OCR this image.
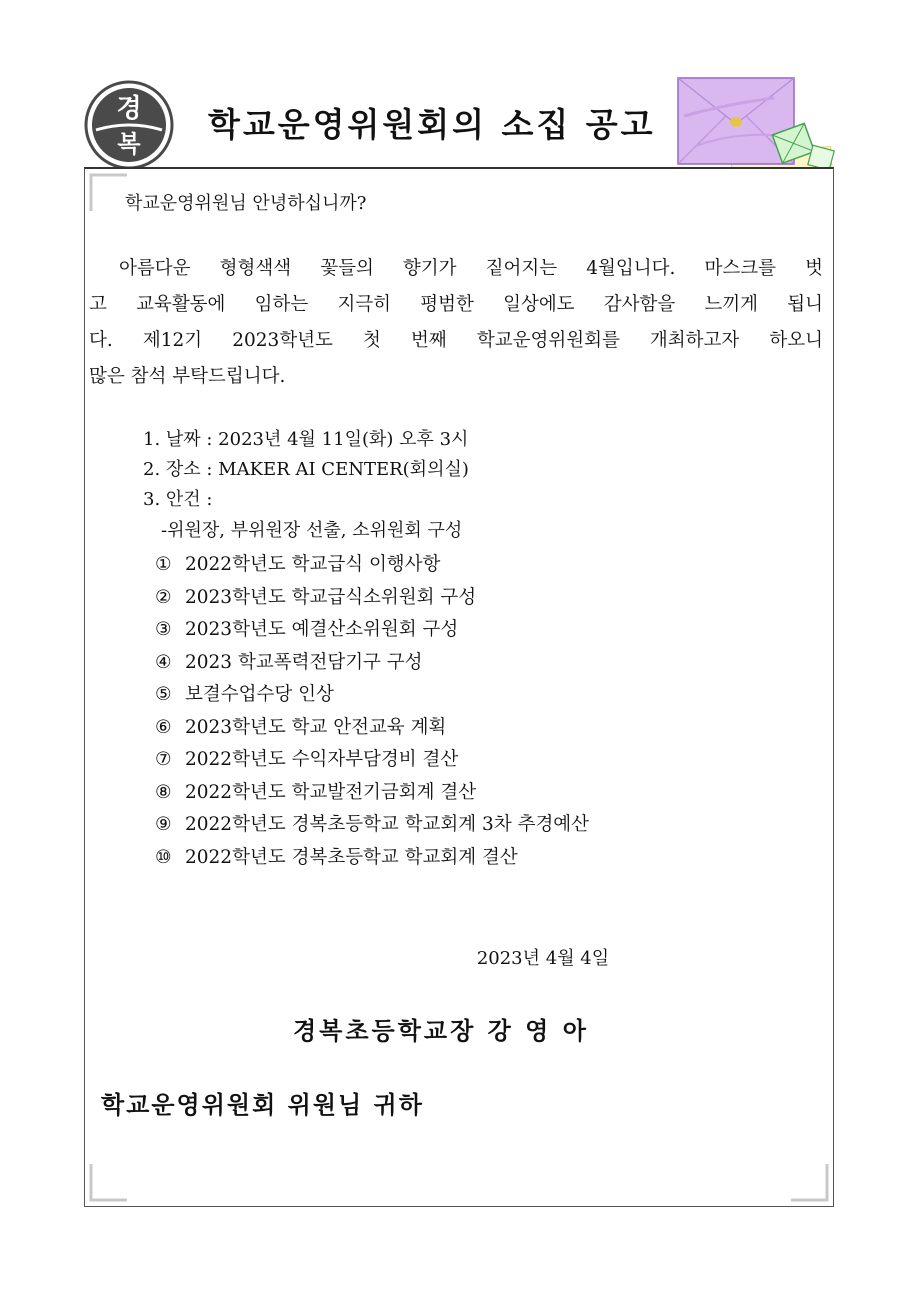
경
복 학교운영위원회의 소집 공고
학교운영위원님 안녕하십니까?
아름다운 형형색색 꽃들의 향기가 짙어지는 4월입니다. 마스크를 벗
고 교육활동에 임하는 지극히 평범한 일상에도 감사함을 느끼게 됩니
다. 제12기 2023학년도 첫 번째 학교운영위원회를 개최하고자 하오니
많은 참석 부탁드립니다.
1. 날짜 : 2023년 4월 11일(화) 오후 3시
2. 장소 : MAKER AI CENTER(회의실)
3. 안건 :
-위원장, 부위원장 선출, 소위원회 구성
① 2022학년도 학교급식 이행사항
② 2023학년도 학교급식소위원회 구성
③ 2023학년도 예결산소위원회 구성
④ 2023 학교폭력전담기구 구성
⑤ 보결수업수당 인상
⑥ 2023학년도 학교 안전교육 계획
⑦ 2022학년도 수익자부담경비 결산
⑧ 2022학년도 학교발전기금회계 결산
⑨ 2022학년도 경복초등학교 학교회계 3차 추경예산
⑩ 2022학년도 경복초등학교 학교회계 결산
2023년 4월 4일
경복초등학교장 강 영 아
학교운영위원회 위원님 귀하
